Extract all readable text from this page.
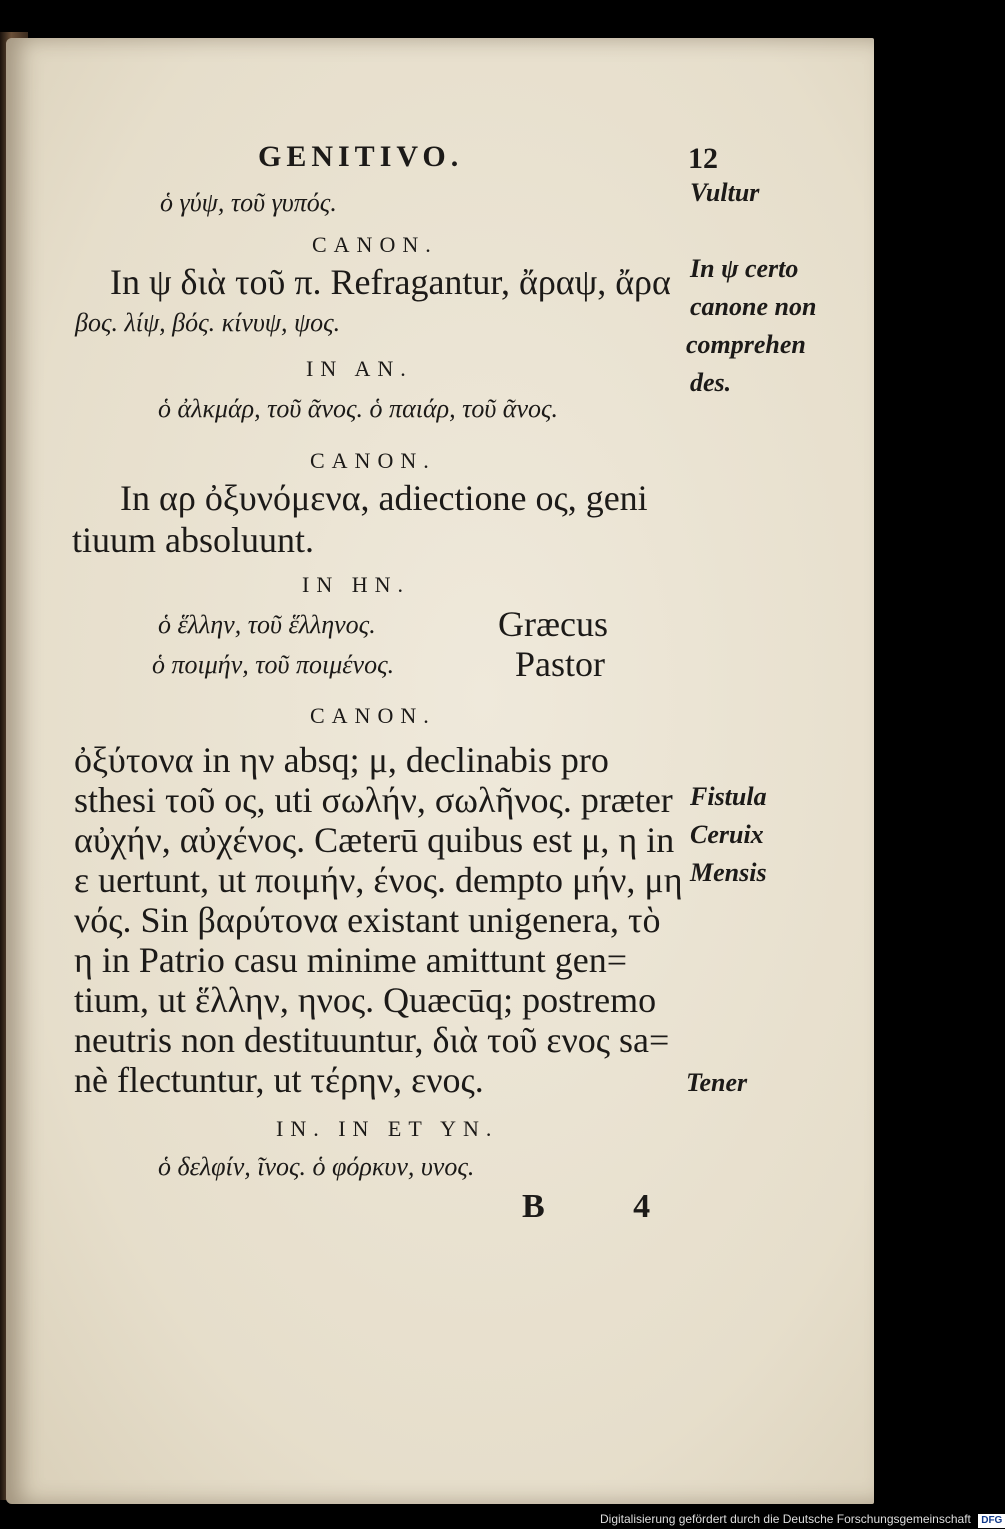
GENITIVO.	12
ὁ γύψ, τοῦ γυπός.
CANON.
In ψ διὰ τοῦ π. Refragantur, ἄραψ, ἄρα
βος. λίψ, βός. κίνυψ, ψος.
IN AN.
ὁ ἀλκμάρ, τοῦ ᾶνος. ὁ παιάρ, τοῦ ᾶνος.
CANON.
In αρ ὀξυνόμενα, adiectione ος, geni
tiuum absoluunt.
IN HN.
ὁ ἕλλην, τοῦ ἕλληνος.	Græcus
ὁ ποιμήν, τοῦ ποιμένος.	Pastor
CANON.
ὀξύτονα in ην absq; μ, declinabis pro
sthesi τοῦ ος, uti σωλήν, σωλῆνος. præter
αὐχήν, αὐχένος. Cæterū quibus est μ, η in
ε uertunt, ut ποιμήν, ένος. dempto μήν, μη
νός. Sin βαρύτονα existant unigenera, τὸ
η in Patrio casu minime amittunt gen=
tium, ut ἕλλην, ηνος. Quæcūq; postremo
neutris non destituuntur, διὰ τοῦ ενος sa=
nè flectuntur, ut τέρην, ενος.
IN. IN ET YN.
ὁ δελφίν, ῖνος. ὁ φόρκυν, υνος.
B 4
Vultur
In ψ certo
canone non
comprehen
des.
Fistula
Ceruix
Mensis
Tener
Digitalisierung gefördert durch die Deutsche Forschungsgemeinschaft DFG
